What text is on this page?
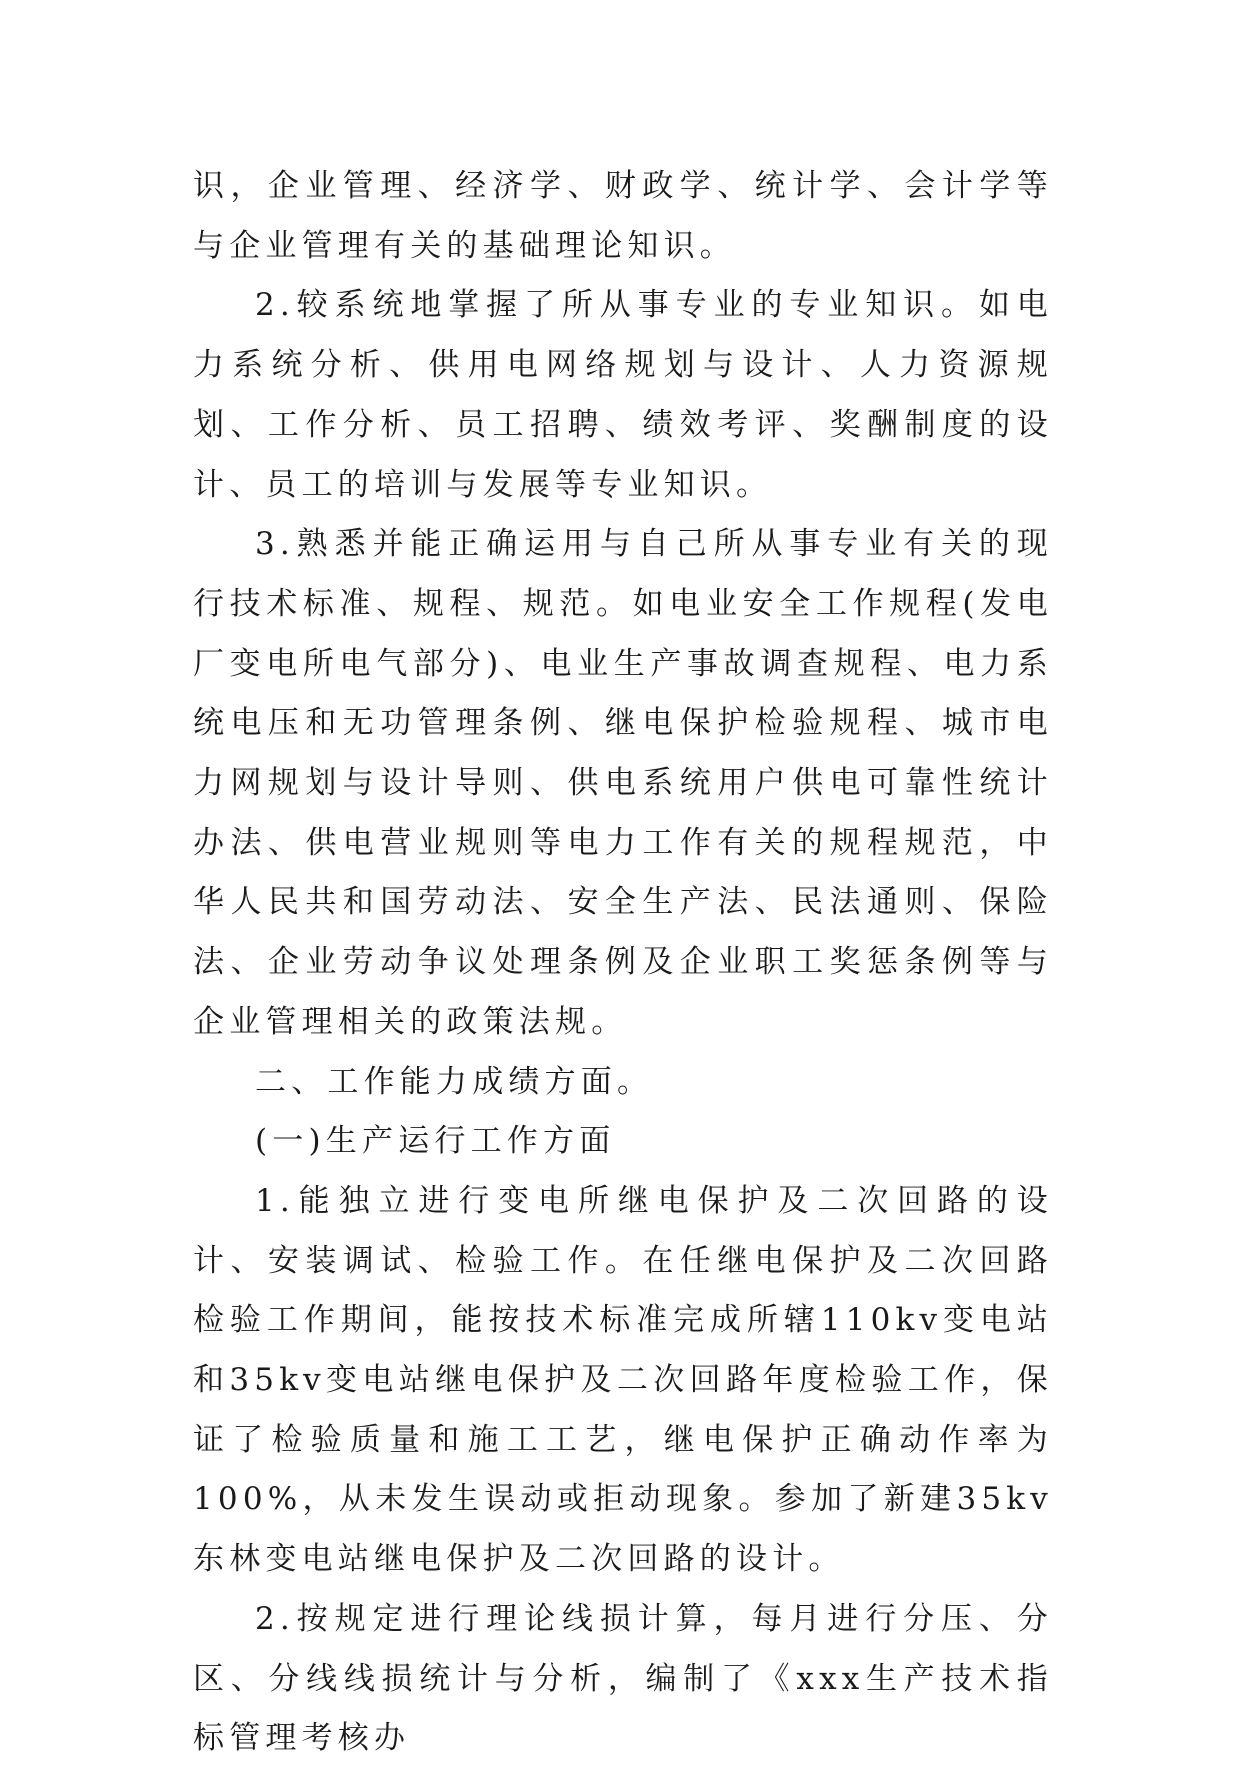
识，企业管理、经济学、财政学、统计学、会计学等与企业管理有关的基础理论知识。

2.较系统地掌握了所从事专业的专业知识。如电力系统分析、供用电网络规划与设计、人力资源规划、工作分析、员工招聘、绩效考评、奖酬制度的设计、员工的培训与发展等专业知识。

3.熟悉并能正确运用与自己所从事专业有关的现行技术标准、规程、规范。如电业安全工作规程(发电厂变电所电气部分)、电业生产事故调查规程、电力系统电压和无功管理条例、继电保护检验规程、城市电力网规划与设计导则、供电系统用户供电可靠性统计办法、供电营业规则等电力工作有关的规程规范，中华人民共和国劳动法、安全生产法、民法通则、保险法、企业劳动争议处理条例及企业职工奖惩条例等与企业管理相关的政策法规。

二、工作能力成绩方面。

(一)生产运行工作方面

1.能独立进行变电所继电保护及二次回路的设计、安装调试、检验工作。在任继电保护及二次回路检验工作期间，能按技术标准完成所辖110kv变电站和35kv变电站继电保护及二次回路年度检验工作，保证了检验质量和施工工艺，继电保护正确动作率为100%，从未发生误动或拒动现象。参加了新建35kv东林变电站继电保护及二次回路的设计。

2.按规定进行理论线损计算，每月进行分压、分区、分线线损统计与分析，编制了《xxx生产技术指标管理考核办
